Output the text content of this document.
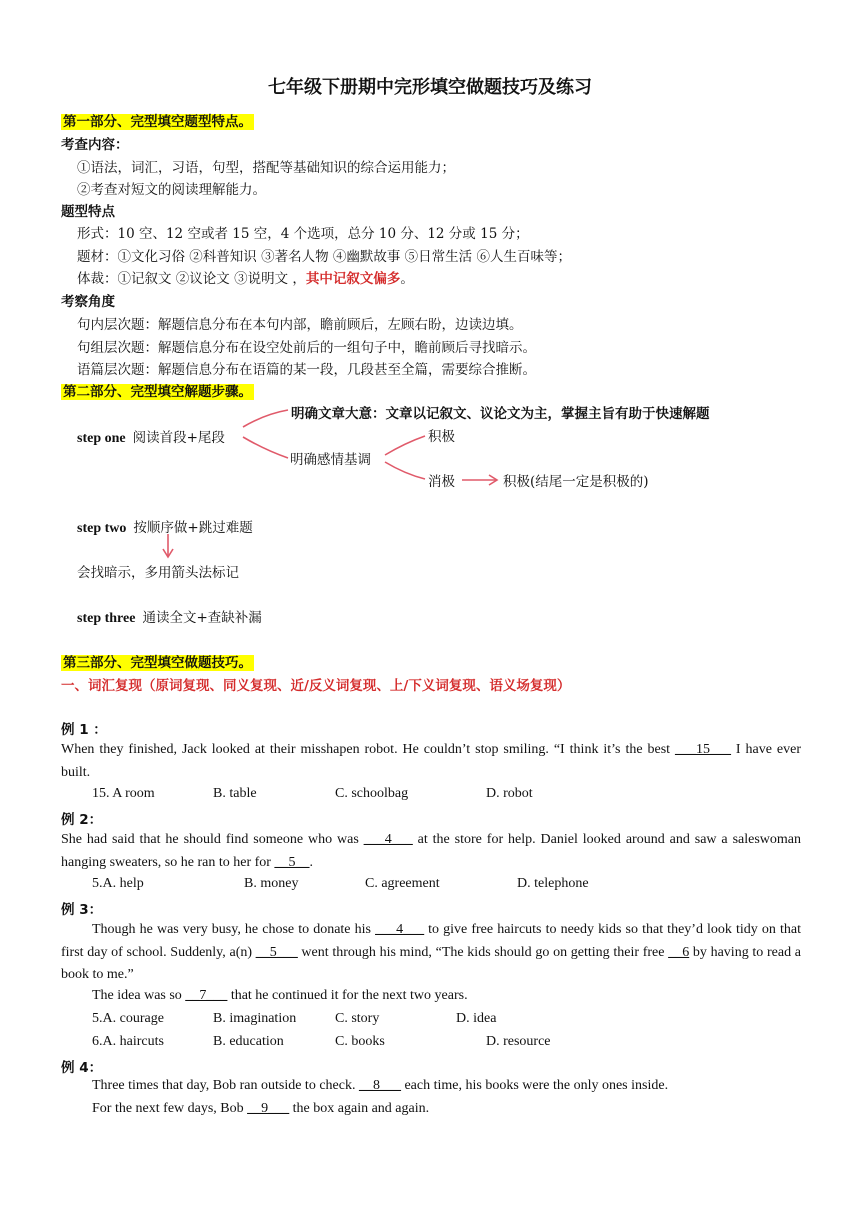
七年级下册期中完形填空做题技巧及练习
第一部分、完型填空题型特点。
考查内容：
①语法，词汇，习语，句型，搭配等基础知识的综合运用能力；
②考查对短文的阅读理解能力。
题型特点
形式：10 空、12 空或者 15 空，4 个选项，总分 10 分、12 分或 15 分；
题材：①文化习俗 ②科普知识 ③著名人物 ④幽默故事 ⑤日常生活 ⑥人生百味等；
体裁：①记叙文 ②议论文 ③说明文 ，其中记叙文偏多。
考察角度
句内层次题：解题信息分布在本句内部，瞻前顾后，左顾右盼，边读边填。
句组层次题：解题信息分布在设空处前后的一组句子中，瞻前顾后寻找暗示。
语篇层次题：解题信息分布在语篇的某一段，几段甚至全篇，需要综合推断。
第二部分、完型填空解题步骤。
step one 阅读首段+尾段
明确文章大意：文章以记叙文、议论文为主，掌握主旨有助于快速解题
明确感情基调
积极
消极	积极(结尾一定是积极的)
step two 按顺序做+跳过难题
会找暗示，多用箭头法标记
step three 通读全文+查缺补漏
第三部分、完型填空做题技巧。
一、词汇复现（原词复现、同义复现、近/反义词复现、上/下义词复现、语义场复现）
例 1 ：
When they finished, Jack looked at their misshapen robot. He couldn’t stop smiling. “I think it’s the best ___15___ I have ever built.
15. A room	B. table	C. schoolbag	D. robot
例 2：
She had said that he should find someone who was ___4___ at the store for help. Daniel looked around and saw a saleswoman hanging sweaters, so he ran to her for __5__.
5.A. help	B. money	C. agreement	D. telephone
例 3：
Though he was very busy, he chose to donate his ___4___ to give free haircuts to needy kids so that they’d look tidy on that first day of school. Suddenly, a(n) __5___ went through his mind, “The kids should go on getting their free __6 by having to read a book to me.”
The idea was so __7___ that he continued it for the next two years.
5.A. courage	B. imagination	C. story	D. idea
6.A. haircuts	B. education	C. books	D. resource
例 4：
Three times that day, Bob ran outside to check. __8___ each time, his books were the only ones inside.
For the next few days, Bob __9___ the box again and again.
